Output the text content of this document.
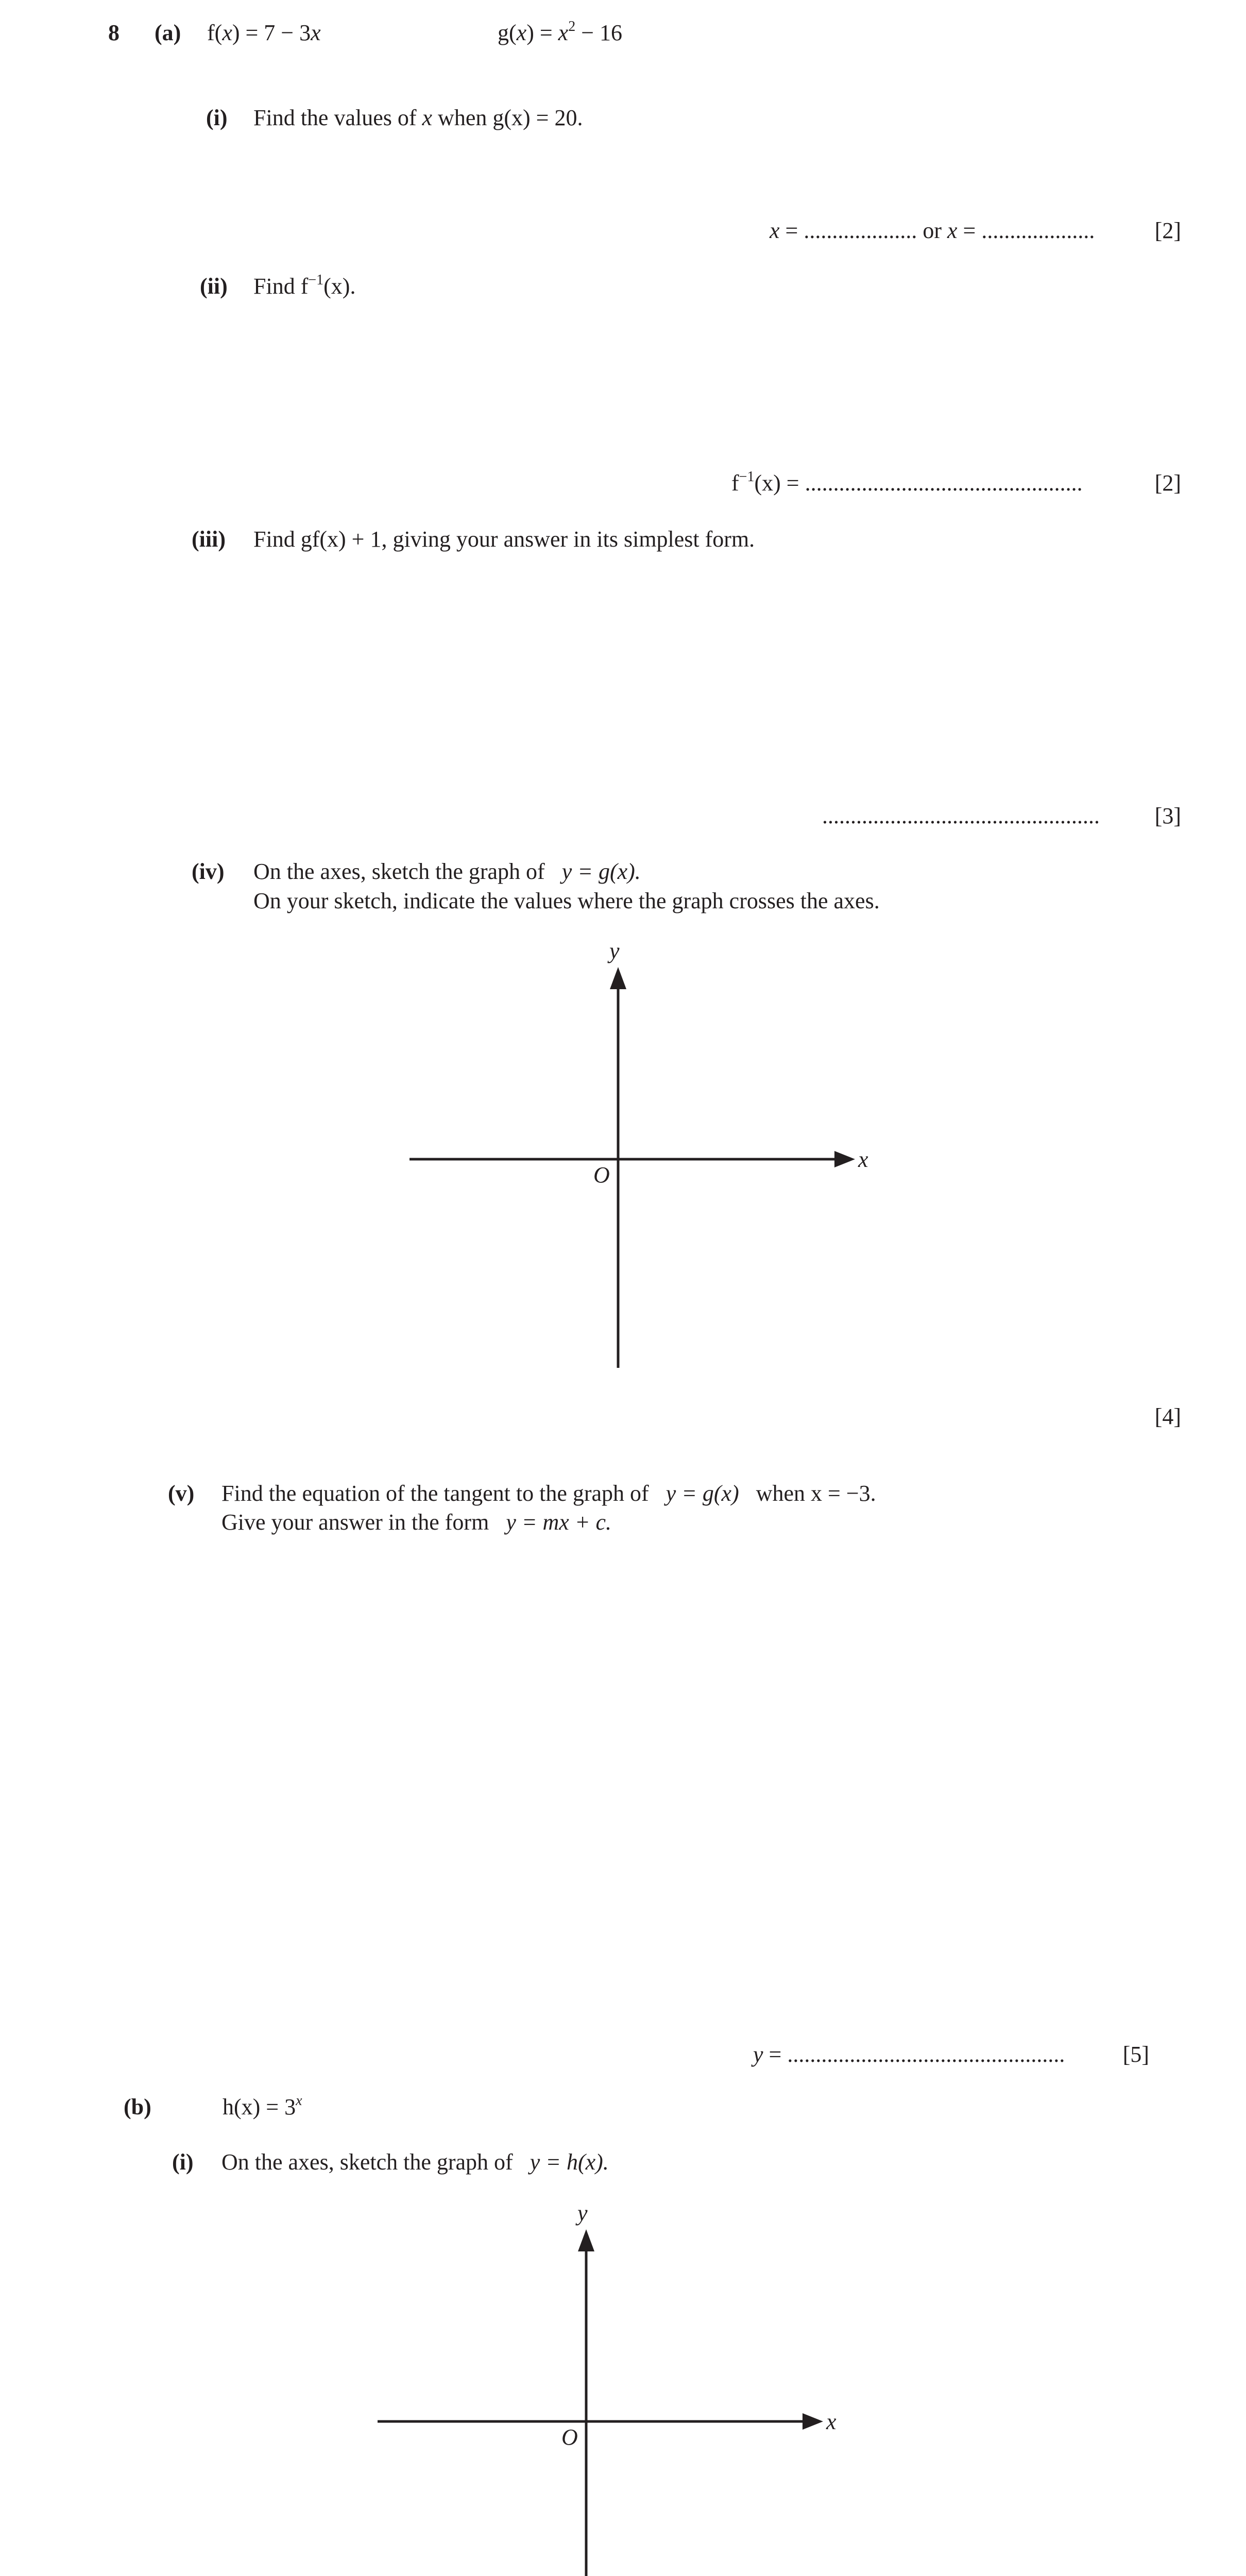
8 (a) f(x) = 7 − 3x	$g(x) = x^2 - 16$
(i) Find the values of x when g(x) = 20.
x = .................... or x = ....................	[2]
(ii) Find $f^{-1}(x)$.
$f^{-1}(x)$ = .................................................	[2]
(iii) Find gf(x) + 1, giving your answer in its simplest form.
................................................. [3]
(iv) On the axes, sketch the graph of   y = g(x).
On your sketch, indicate the values where the graph crosses the axes.
x
y
O
[4]
(v) Find the equation of the tangent to the graph of   y = g(x)   when x = −3.
Give your answer in the form   y = mx + c.
y = .................................................	[5]
(b)	$h(x) = 3^x$
(i) On the axes, sketch the graph of   y = h(x).
x
y
O
